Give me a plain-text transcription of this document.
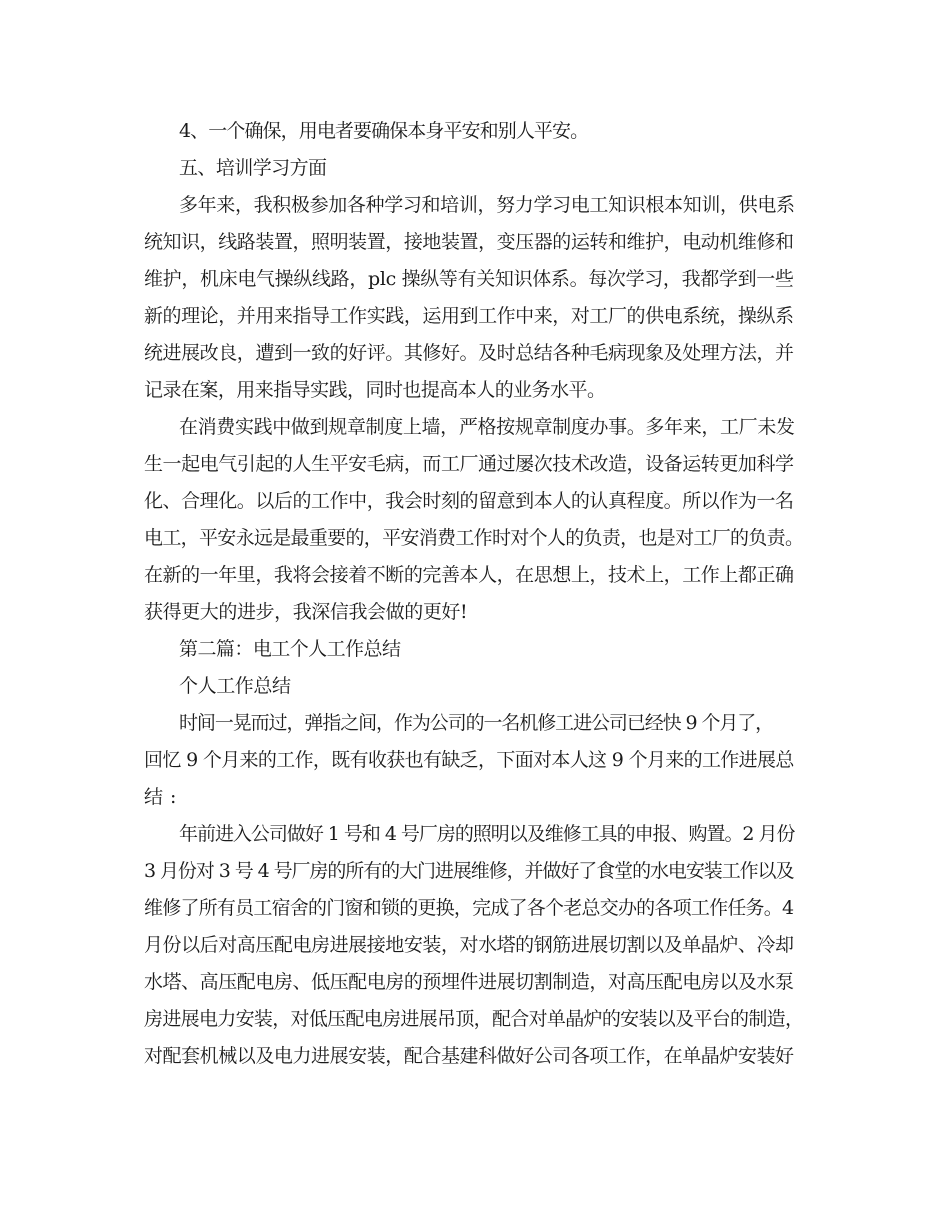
4、一个确保，用电者要确保本身平安和别人平安。
五、培训学习方面
多年来，我积极参加各种学习和培训，努力学习电工知识根本知训，供电系
统知识，线路装置，照明装置，接地装置，变压器的运转和维护，电动机维修和
维护，机床电气操纵线路，plc 操纵等有关知识体系。每次学习，我都学到一些
新的理论，并用来指导工作实践，运用到工作中来，对工厂的供电系统，操纵系
统进展改良，遭到一致的好评。其修好。及时总结各种毛病现象及处理方法，并
记录在案，用来指导实践，同时也提高本人的业务水平。
在消费实践中做到规章制度上墙，严格按规章制度办事。多年来，工厂未发
生一起电气引起的人生平安毛病，而工厂通过屡次技术改造，设备运转更加科学
化、合理化。以后的工作中，我会时刻的留意到本人的认真程度。所以作为一名
电工，平安永远是最重要的，平安消费工作时对个人的负责，也是对工厂的负责。
在新的一年里，我将会接着不断的完善本人，在思想上，技术上，工作上都正确
获得更大的进步，我深信我会做的更好!
第二篇：电工个人工作总结
个人工作总结
时间一晃而过，弹指之间，作为公司的一名机修工进公司已经快 9 个月了，
回忆 9 个月来的工作，既有收获也有缺乏，下面对本人这 9 个月来的工作进展总
结:
年前进入公司做好 1 号和 4 号厂房的照明以及维修工具的申报、购置。2 月份
3 月份对 3 号 4 号厂房的所有的大门进展维修，并做好了食堂的水电安装工作以及
维修了所有员工宿舍的门窗和锁的更换，完成了各个老总交办的各项工作任务。4
月份以后对高压配电房进展接地安装，对水塔的钢筋进展切割以及单晶炉、冷却
水塔、高压配电房、低压配电房的预埋件进展切割制造，对高压配电房以及水泵
房进展电力安装，对低压配电房进展吊顶，配合对单晶炉的安装以及平台的制造，
对配套机械以及电力进展安装，配合基建科做好公司各项工作，在单晶炉安装好
